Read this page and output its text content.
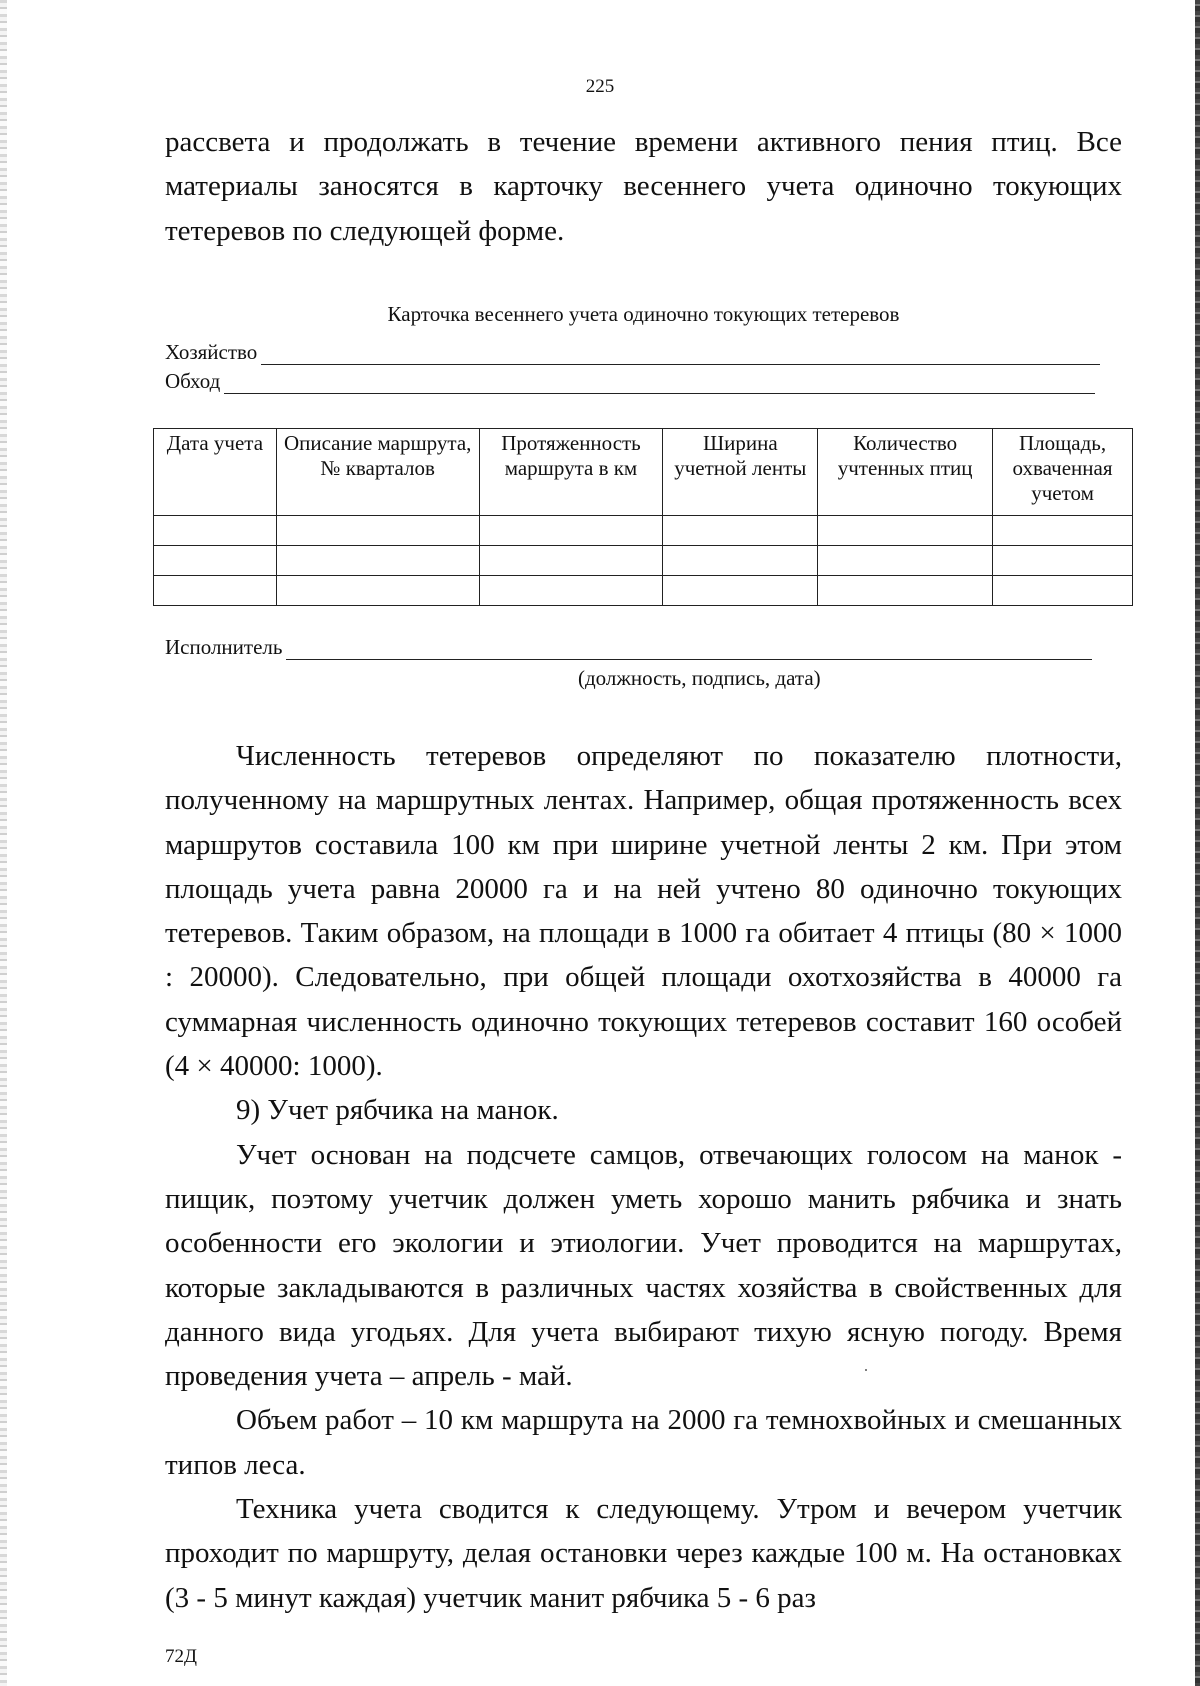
225

рассвета и продолжать в течение времени активного пения птиц. Все материалы заносятся в карточку весеннего учета одиночно токующих тетеревов по следующей форме.

Карточка весеннего учета одиночно токующих тетеревов
Хозяйство
Обход
Дата учета	Описание маршрута, № кварталов	Протяженность маршрута в км	Ширина учетной ленты	Количество учтенных птиц	Площадь, охваченная учетом

Исполнитель
(должность, подпись, дата)

Численность тетеревов определяют по показателю плотности, полученному на маршрутных лентах. Например, общая протяженность всех маршрутов составила 100 км при ширине учетной ленты 2 км. При этом площадь учета равна 20000 га и на ней учтено 80 одиночно токующих тетеревов. Таким образом, на площади в 1000 га обитает 4 птицы (80 × 1000 : 20000). Следовательно, при общей площади охотхозяйства в 40000 га суммарная численность одиночно токующих тетеревов составит 160 особей (4 × 40000: 1000).

9) Учет рябчика на манок.

Учет основан на подсчете самцов, отвечающих голосом на манок - пищик, поэтому учетчик должен уметь хорошо манить рябчика и знать особенности его экологии и этиологии. Учет проводится на маршрутах, которые закладываются в различных частях хозяйства в свойственных для данного вида угодьях. Для учета выбирают тихую ясную погоду. Время проведения учета – апрель - май.

Объем работ – 10 км маршрута на 2000 га темнохвойных и смешанных типов леса.

Техника учета сводится к следующему. Утром и вечером учетчик проходит по маршруту, делая остановки через каждые 100 м. На остановках (3 - 5 минут каждая) учетчик манит рябчика 5 - 6 раз

72Д
